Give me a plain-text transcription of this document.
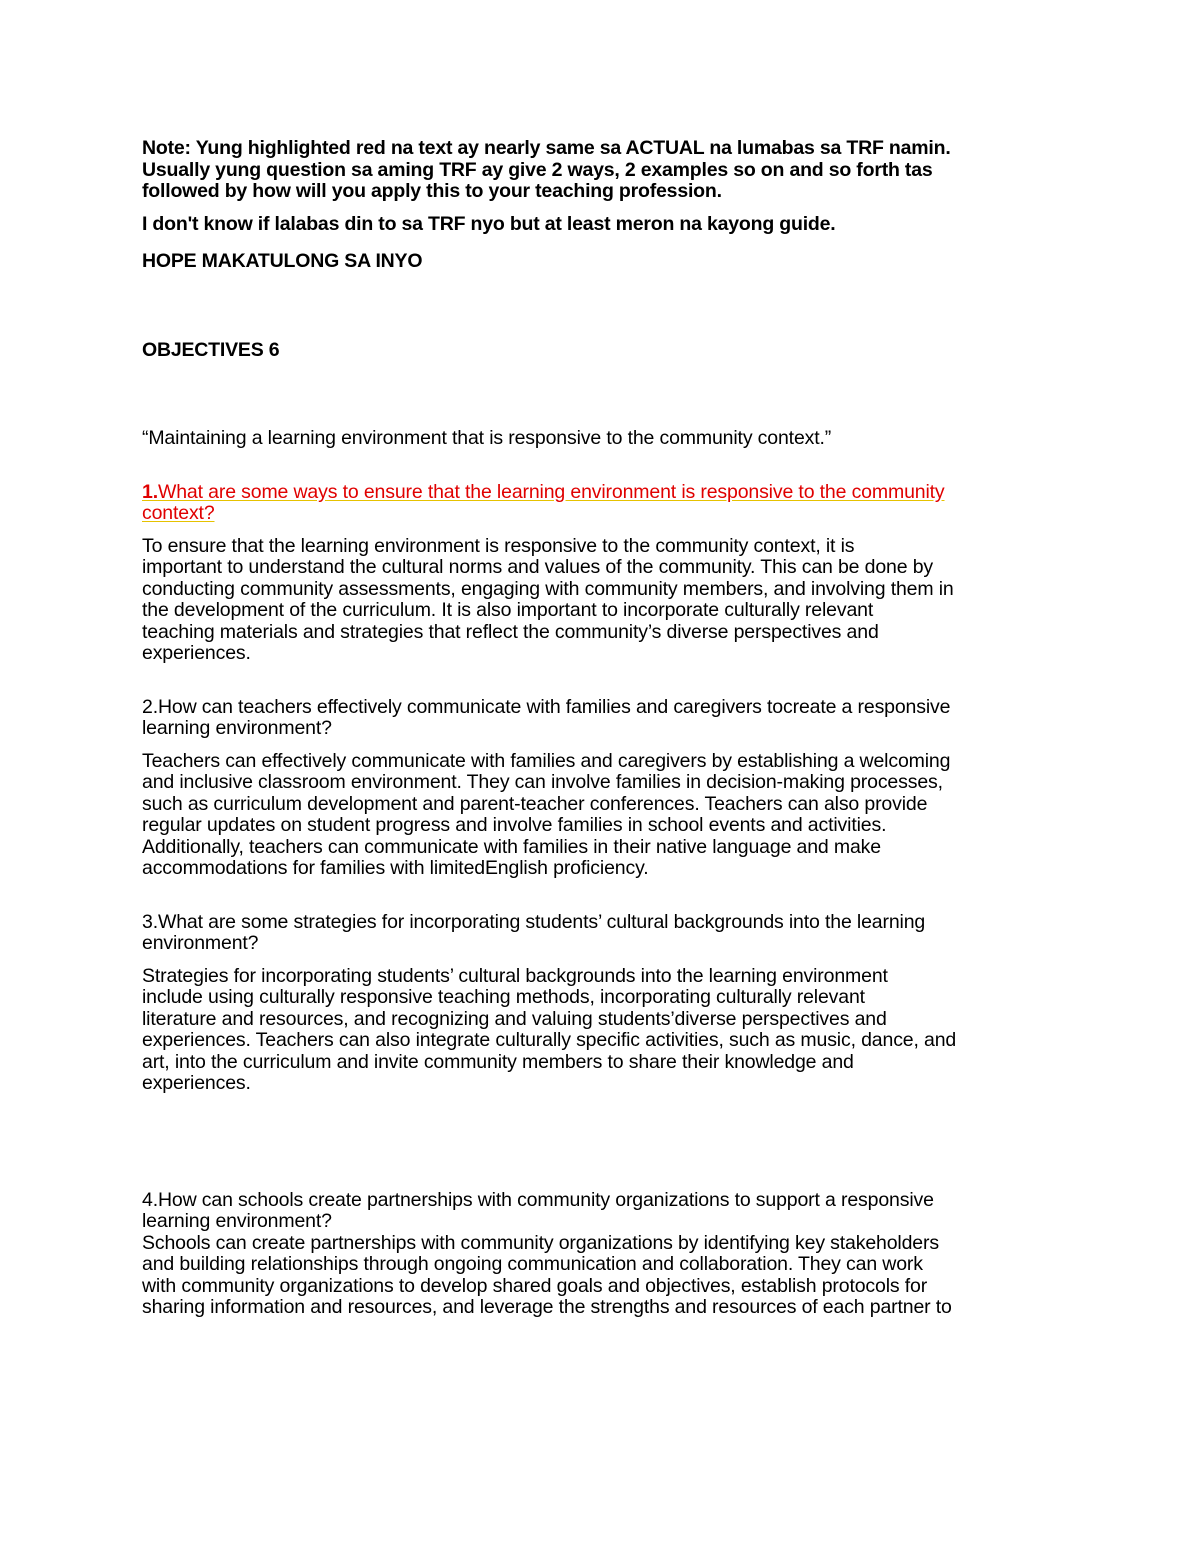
Note: Yung highlighted red na text ay nearly same sa ACTUAL na lumabas sa TRF namin.
Usually yung question sa aming TRF ay give 2 ways, 2 examples so on and so forth tas
followed by how will you apply this to your teaching profession.

I don't know if lalabas din to sa TRF nyo but at least meron na kayong guide.

HOPE MAKATULONG SA INYO

OBJECTIVES 6

“Maintaining a learning environment that is responsive to the community context.”

1.What are some ways to ensure that the learning environment is responsive to the community
context?

To ensure that the learning environment is responsive to the community context, it is
important to understand the cultural norms and values of the community. This can be done by
conducting community assessments, engaging with community members, and involving them in
the development of the curriculum. It is also important to incorporate culturally relevant
teaching materials and strategies that reflect the community’s diverse perspectives and
experiences.

2.How can teachers effectively communicate with families and caregivers tocreate a responsive
learning environment?

Teachers can effectively communicate with families and caregivers by establishing a welcoming
and inclusive classroom environment. They can involve families in decision-making processes,
such as curriculum development and parent-teacher conferences. Teachers can also provide
regular updates on student progress and involve families in school events and activities.
Additionally, teachers can communicate with families in their native language and make
accommodations for families with limitedEnglish proficiency.

3.What are some strategies for incorporating students’ cultural backgrounds into the learning
environment?

Strategies for incorporating students’ cultural backgrounds into the learning environment
include using culturally responsive teaching methods, incorporating culturally relevant
literature and resources, and recognizing and valuing students’diverse perspectives and
experiences. Teachers can also integrate culturally specific activities, such as music, dance, and
art, into the curriculum and invite community members to share their knowledge and
experiences.

4.How can schools create partnerships with community organizations to support a responsive
learning environment?
Schools can create partnerships with community organizations by identifying key stakeholders
and building relationships through ongoing communication and collaboration. They can work
with community organizations to develop shared goals and objectives, establish protocols for
sharing information and resources, and leverage the strengths and resources of each partner to
